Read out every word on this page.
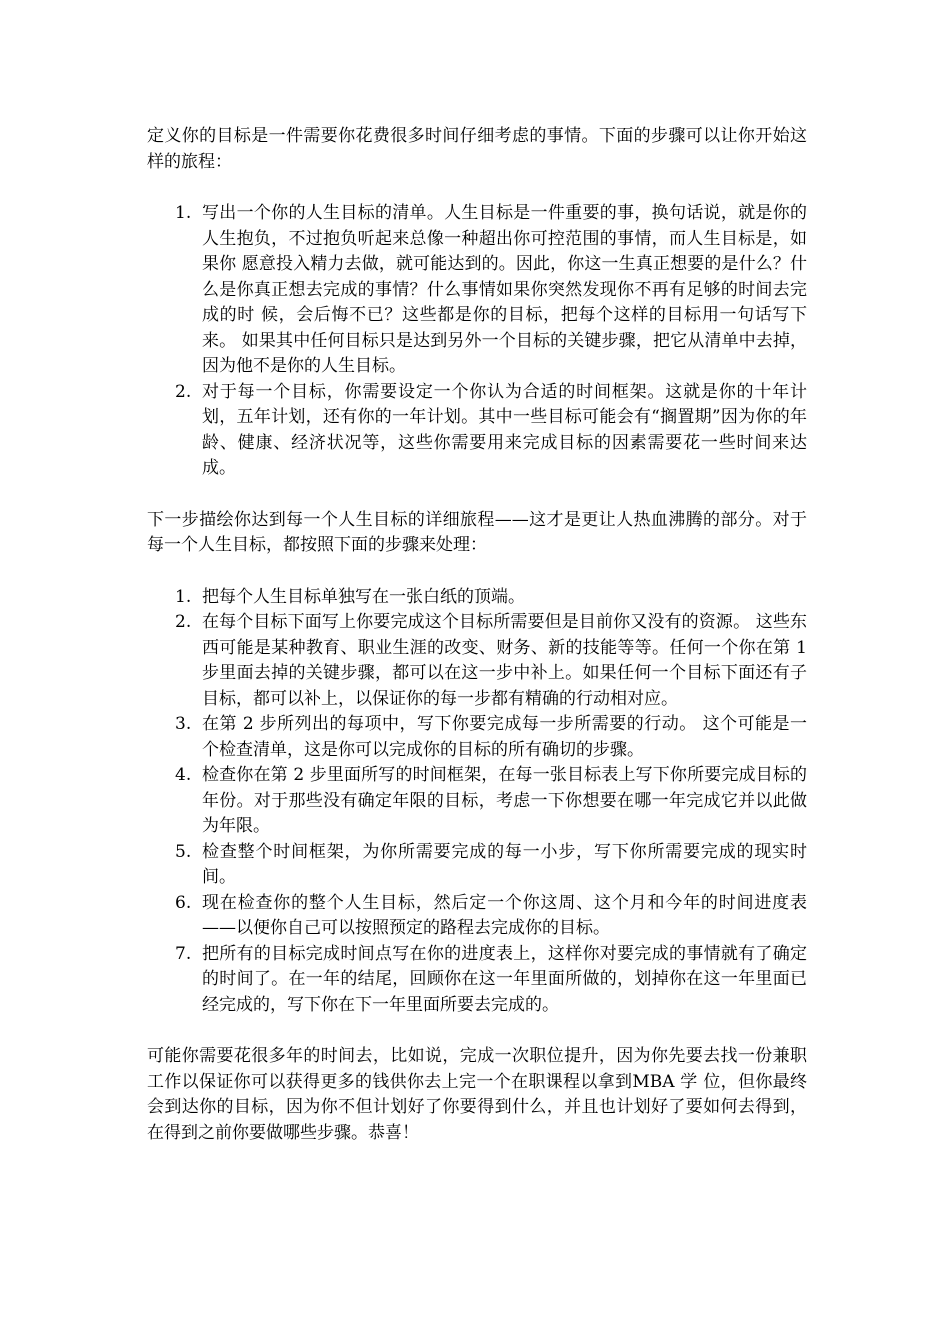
定义你的目标是一件需要你花费很多时间仔细考虑的事情。下面的步骤可以让你开始这样的旅程：

1. 写出一个你的人生目标的清单。人生目标是一件重要的事，换句话说，就是你的人生抱负，不过抱负听起来总像一种超出你可控范围的事情，而人生目标是，如果你 愿意投入精力去做，就可能达到的。因此，你这一生真正想要的是什么？什么是你真正想去完成的事情？什么事情如果你突然发现你不再有足够的时间去完成的时 候，会后悔不已？这些都是你的目标，把每个这样的目标用一句话写下来。 如果其中任何目标只是达到另外一个目标的关键步骤，把它从清单中去掉，因为他不是你的人生目标。
2. 对于每一个目标，你需要设定一个你认为合适的时间框架。这就是你的十年计划，五年计划，还有你的一年计划。其中一些目标可能会有“搁置期”因为你的年龄、健康、经济状况等，这些你需要用来完成目标的因素需要花一些时间来达成。

下一步描绘你达到每一个人生目标的详细旅程——这才是更让人热血沸腾的部分。对于每一个人生目标，都按照下面的步骤来处理：

1. 把每个人生目标单独写在一张白纸的顶端。
2. 在每个目标下面写上你要完成这个目标所需要但是目前你又没有的资源。 这些东西可能是某种教育、职业生涯的改变、财务、新的技能等等。任何一个你在第 1 步里面去掉的关键步骤，都可以在这一步中补上。如果任何一个目标下面还有子目标，都可以补上，以保证你的每一步都有精确的行动相对应。
3. 在第 2 步所列出的每项中，写下你要完成每一步所需要的行动。 这个可能是一个检查清单，这是你可以完成你的目标的所有确切的步骤。
4. 检查你在第 2 步里面所写的时间框架，在每一张目标表上写下你所要完成目标的年份。对于那些没有确定年限的目标，考虑一下你想要在哪一年完成它并以此做为年限。
5. 检查整个时间框架，为你所需要完成的每一小步，写下你所需要完成的现实时间。
6. 现在检查你的整个人生目标，然后定一个你这周、这个月和今年的时间进度表——以便你自己可以按照预定的路程去完成你的目标。
7. 把所有的目标完成时间点写在你的进度表上，这样你对要完成的事情就有了确定的时间了。在一年的结尾，回顾你在这一年里面所做的，划掉你在这一年里面已经完成的，写下你在下一年里面所要去完成的。

可能你需要花很多年的时间去，比如说，完成一次职位提升，因为你先要去找一份兼职工作以保证你可以获得更多的钱供你去上完一个在职课程以拿到MBA 学 位，但你最终会到达你的目标，因为你不但计划好了你要得到什么，并且也计划好了要如何去得到，在得到之前你要做哪些步骤。恭喜！
